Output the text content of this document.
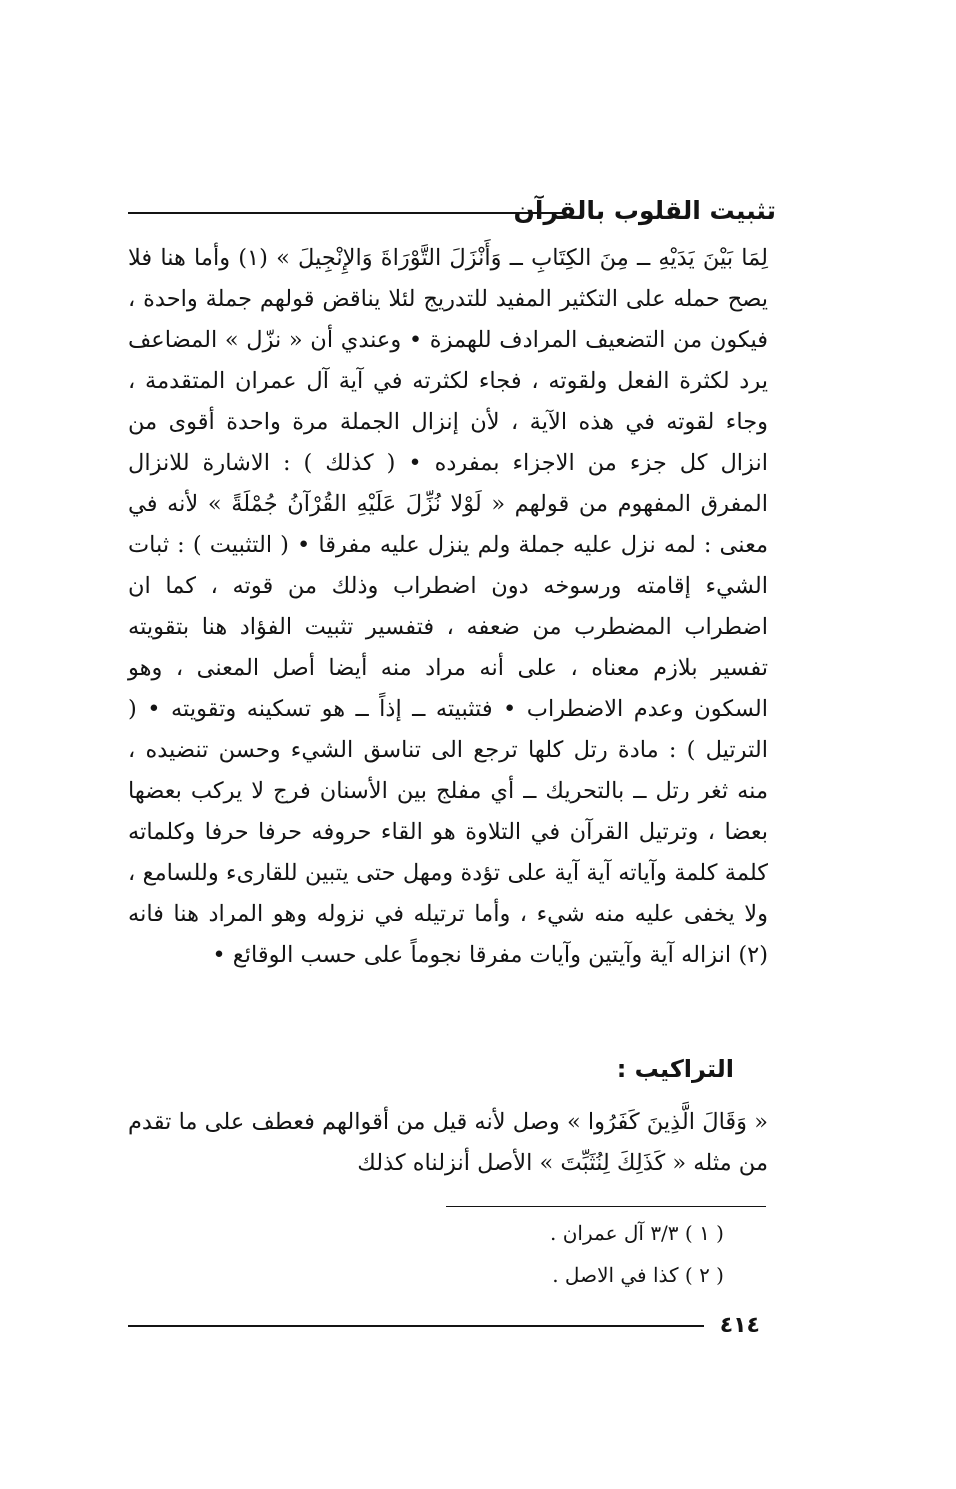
تثبيت القلوب بالقرآن

لِمَا بَيْنَ يَدَيْهِ ــ مِنَ الكِتَابِ ــ وَأَنْزَلَ التَّوْرَاةَ وَالإِنْجِيلَ » (١) وأما هنا فلا يصح حمله على التكثير المفيد للتدريج لئلا يناقض قولهم جملة واحدة ، فيكون من التضعيف المرادف للهمزة • وعندي أن « نزّل » المضاعف يرد لكثرة الفعل ولقوته ، فجاء لكثرته في آية آل عمران المتقدمة ، وجاء لقوته في هذه الآية ، لأن إنزال الجملة مرة واحدة أقوى من انزال كل جزء من الاجزاء بمفرده • ( كذلك ) : الاشارة للانزال المفرق المفهوم من قولهم « لَوْلا نُزِّلَ عَلَيْهِ القُرْآنُ جُمْلَةً » لأنه في معنى : لمه نزل عليه جملة ولم ينزل عليه مفرقا • ( التثبيت ) : ثبات الشيء إقامته ورسوخه دون اضطراب وذلك من قوته ، كما ان اضطراب المضطرب من ضعفه ، فتفسير تثبيت الفؤاد هنا بتقويته تفسير بلازم معناه ، على أنه مراد منه أيضا أصل المعنى ، وهو السكون وعدم الاضطراب • فتثبيته ــ إذاً ــ هو تسكينه وتقويته • ( الترتيل ) : مادة رتل كلها ترجع الى تناسق الشيء وحسن تنضيده ، منه ثغر رتل ــ بالتحريك ــ أي مفلج بين الأسنان فرج لا يركب بعضها بعضا ، وترتيل القرآن في التلاوة هو القاء حروفه حرفا حرفا وكلماته كلمة كلمة وآياته آية آية على تؤدة ومهل حتى يتبين للقارىء وللسامع ، ولا يخفى عليه منه شيء ، وأما ترتيله في نزوله وهو المراد هنا فانه (٢) انزاله آية وآيتين وآيات مفرقا نجوماً على حسب الوقائع •

التراكيب :

« وَقَالَ الَّذِينَ كَفَرُوا » وصل لأنه قيل من أقوالهم فعطف على ما تقدم من مثله « كَذَلِكَ لِنُثَبِّتَ » الأصل أنزلناه كذلك

( ١ ) ٣/٣ آل عمران .

( ٢ ) كذا في الاصل .

٤١٤
